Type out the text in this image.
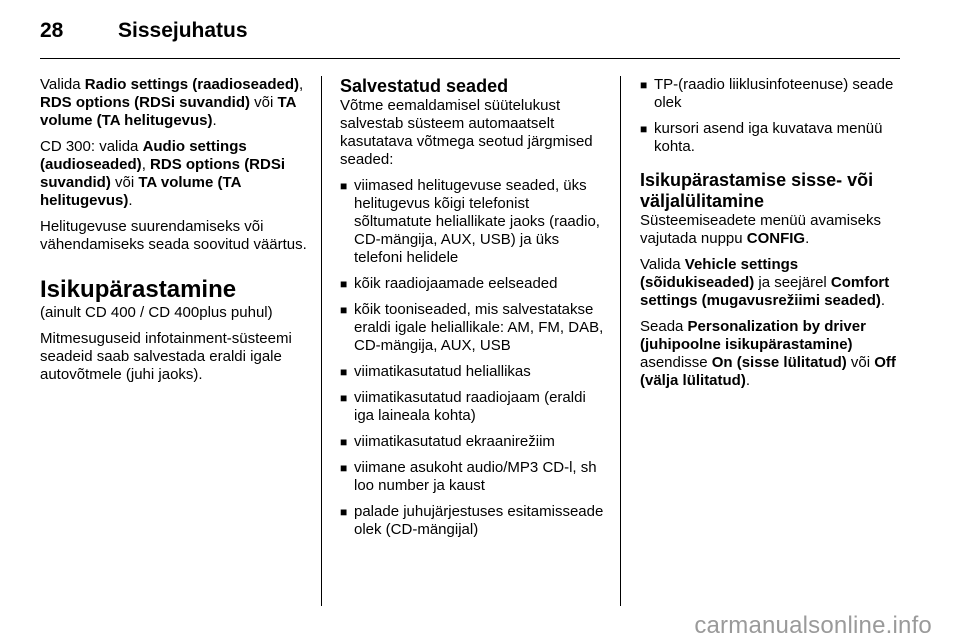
28	Sissejuhatus

Valida Radio settings (raadioseaded), RDS options (RDSi suvandid) või TA volume (TA helitugevus).

CD 300: valida Audio settings (audioseaded), RDS options (RDSi suvandid) või TA volume (TA helitugevus).

Helitugevuse suurendamiseks või vähendamiseks seada soovitud väärtus.

Isikupärastamine

(ainult CD 400 / CD 400plus puhul)

Mitmesuguseid infotainment-süsteemi seadeid saab salvestada eraldi igale autovõtmele (juhi jaoks).

Salvestatud seaded

Võtme eemaldamisel süütelukust salvestab süsteem automaatselt kasutatava võtmega seotud järgmised seaded:

■ viimased helitugevuse seaded, üks helitugevus kõigi telefonist sõltumatute heliallikate jaoks (raadio, CD-mängija, AUX, USB) ja üks telefoni helidele
■ kõik raadiojaamade eelseaded
■ kõik tooniseaded, mis salvestatakse eraldi igale heliallikale: AM, FM, DAB, CD-mängija, AUX, USB
■ viimatikasutatud heliallikas
■ viimatikasutatud raadiojaam (eraldi iga laineala kohta)
■ viimatikasutatud ekraanirežiim
■ viimane asukoht audio/MP3 CD-l, sh loo number ja kaust
■ palade juhujärjestuses esitamisseade olek (CD-mängijal)
■ TP-(raadio liiklusinfoteenuse) seade olek
■ kursori asend iga kuvatava menüü kohta.
Isikupärastamise sisse- või väljalülitamine

Süsteemiseadete menüü avamiseks vajutada nuppu CONFIG.

Valida Vehicle settings (sõidukiseaded) ja seejärel Comfort settings (mugavusrežiimi seaded).

Seada Personalization by driver (juhipoolne isikupärastamine) asendisse On (sisse lülitatud) või Off (välja lülitatud).

carmanualsonline.info
